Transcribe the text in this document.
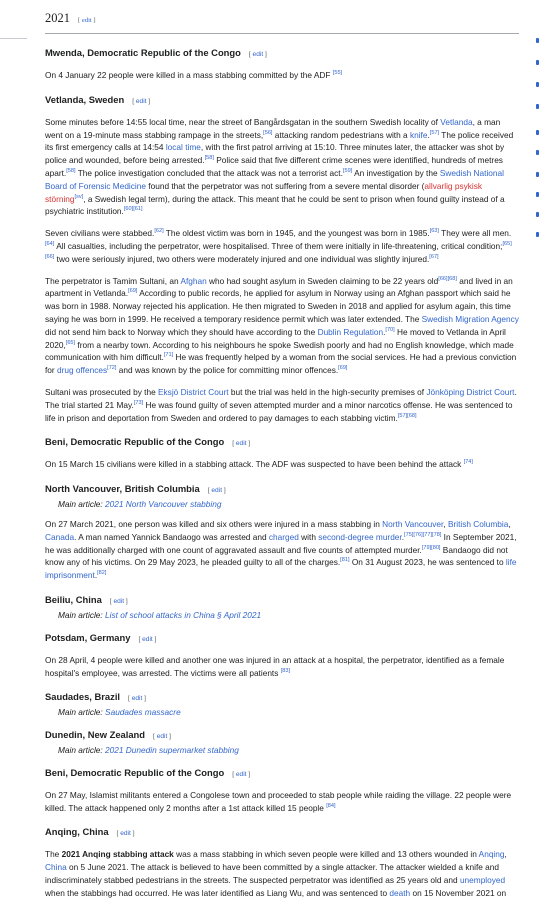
2021 [ edit ]
Mwenda, Democratic Republic of the Congo [ edit ]

On 4 January 22 people were killed in a mass stabbing committed by the ADF [55]

Vetlanda, Sweden [ edit ]

Some minutes before 14:55 local time, near the street of Bangårdsgatan in the southern Swedish locality of Vetlanda, a man went on a 19-minute mass stabbing rampage in the streets,[56] attacking random pedestrians with a knife.[57] The police received its first emergency calls at 14:54 local time, with the first patrol arriving at 15:10. Three minutes later, the attacker was shot by police and wounded, before being arrested.[58] Police said that five different crime scenes were identified, hundreds of metres apart.[58] The police investigation concluded that the attack was not a terrorist act.[59] An investigation by the Swedish National Board of Forensic Medicine found that the perpetrator was not suffering from a severe mental disorder (allvarlig psykisk störning[sv], a Swedish legal term), during the attack. This meant that he could be sent to prison when found guilty instead of a psychiatric institution.[60][61]

Seven civilians were stabbed.[62] The oldest victim was born in 1945, and the youngest was born in 1985.[63] They were all men.[64] All casualties, including the perpetrator, were hospitalised. Three of them were initially in life-threatening, critical condition;[65][66] two were seriously injured, two others were moderately injured and one individual was slightly injured.[67]

The perpetrator is Tamim Sultani, an Afghan who had sought asylum in Sweden claiming to be 22 years old[66][68] and lived in an apartment in Vetlanda.[69] According to public records, he applied for asylum in Norway using an Afghan passport which said he was born in 1988. Norway rejected his application. He then migrated to Sweden in 2018 and applied for asylum again, this time saying he was born in 1999. He received a temporary residence permit which was later extended. The Swedish Migration Agency did not send him back to Norway which they should have according to the Dublin Regulation.[70] He moved to Vetlanda in April 2020,[65] from a nearby town. According to his neighbours he spoke Swedish poorly and had no English knowledge, which made communication with him difficult.[71] He was frequently helped by a woman from the social services. He had a previous conviction for drug offences[72] and was known by the police for committing minor offences.[69]

Sultani was prosecuted by the Eksjö District Court but the trial was held in the high-security premises of Jönköping District Court. The trial started 21 May.[73] He was found guilty of seven attempted murder and a minor narcotics offense. He was sentenced to life in prison and deportation from Sweden and ordered to pay damages to each stabbing victim.[57][68]

Beni, Democratic Republic of the Congo [ edit ]

On 15 March 15 civilians were killed in a stabbing attack. The ADF was suspected to have been behind the attack [74]

North Vancouver, British Columbia [ edit ]

Main article: 2021 North Vancouver stabbing

On 27 March 2021, one person was killed and six others were injured in a mass stabbing in North Vancouver, British Columbia, Canada. A man named Yannick Bandaogo was arrested and charged with second-degree murder.[75][76][77][78] In September 2021, he was additionally charged with one count of aggravated assault and five counts of attempted murder.[79][80] Bandaogo did not know any of his victims. On 29 May 2023, he pleaded guilty to all of the charges.[81] On 31 August 2023, he was sentenced to life imprisonment.[82]

Beiliu, China [ edit ]

Main article: List of school attacks in China § April 2021

Potsdam, Germany [ edit ]

On 28 April, 4 people were killed and another one was injured in an attack at a hospital, the perpetrator, identified as a female hospital's employee, was arrested. The victims were all patients [83]

Saudades, Brazil [ edit ]

Main article: Saudades massacre

Dunedin, New Zealand [ edit ]

Main article: 2021 Dunedin supermarket stabbing

Beni, Democratic Republic of the Congo [ edit ]

On 27 May, Islamist militants entered a Congolese town and proceeded to stab people while raiding the village. 22 people were killed. The attack happened only 2 months after a 1st attack killed 15 people [84]

Anqing, China [ edit ]

The 2021 Anqing stabbing attack was a mass stabbing in which seven people were killed and 13 others wounded in Anqing, China on 5 June 2021. The attack is believed to have been committed by a single attacker. The attacker wielded a knife and indiscriminately stabbed pedestrians in the streets. The suspected perpetrator was identified as 25 years old and unemployed when the stabbings had occurred. He was later identified as Liang Wu, and was sentenced to death on 15 November 2021 on
